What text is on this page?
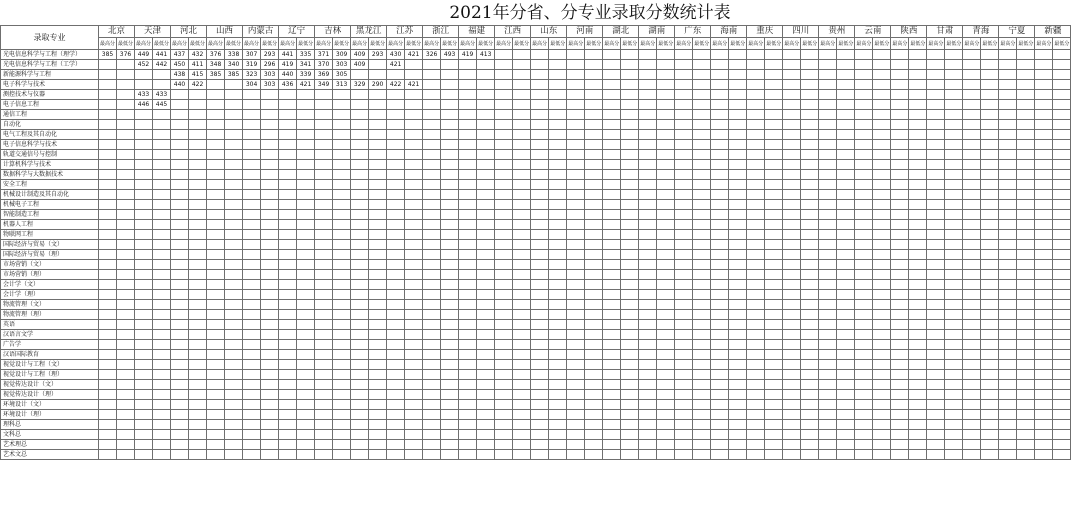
2021年分省、分专业录取分数统计表
录取专业	北京		天津		河北		山西		内蒙古		辽宁		吉林		黑龙江		江苏		浙江		福建		江西		山东		河南		湖北		湖南		广东		海南		重庆		四川		贵州		云南		陕西		甘肃		青海		宁夏		新疆	
	最高分	最低分	最高分	最低分	最高分	最低分	最高分	最低分	最高分	最低分	最高分	最低分	最高分	最低分	最高分	最低分	最高分	最低分	最高分	最低分	最高分	最低分	最高分	最低分	最高分	最低分	最高分	最低分	最高分	最低分	最高分	最低分	最高分	最低分	最高分	最低分	最高分	最低分	最高分	最低分	最高分	最低分	最高分	最低分	最高分	最低分	最高分	最低分	最高分	最低分	最高分	最低分	最高分	最低分
光电信息科学与工程（理学）	385	376	449	441	437	432	376	338	307	293	441	335	371	309	409	293	430	421	326	493	419	413																																
光电信息科学与工程（工学）			452	442	450	411	348	340	319	296	419	341	370	303	409		421																																					
新能源科学与工程					438	415	385	385	323	303	440	339	369	305																																								
电子科学与技术					440	422			304	303	436	421	349	313	329	290	422	421																																				
测控技术与仪器			433	433																																																		
电子信息工程			446	445																																																		
通信工程																																																						
自动化																																																						
电气工程及其自动化																																																						
电子信息科学与技术																																																						
轨道交通信号与控制																																																						
计算机科学与技术																																																						
数据科学与大数据技术																																																						
安全工程																																																						
机械设计制造及其自动化																																																						
机械电子工程																																																						
智能制造工程																																																						
机器人工程																																																						
物联网工程																																																						
国际经济与贸易（文）																																																						
国际经济与贸易（理）																																																						
市场营销（文）																																																						
市场营销（理）																																																						
会计学（文）																																																						
会计学（理）																																																						
物流管理（文）																																																						
物流管理（理）																																																						
英语																																																						
汉语言文学																																																						
广告学																																																						
汉语国际教育																																																						
视觉设计与工程（文）																																																						
视觉设计与工程（理）																																																						
视觉传达设计（文）																																																						
视觉传达设计（理）																																																						
环境设计（文）																																																						
环境设计（理）																																																						
理科总																																																						
文科总																																																						
艺术理总																																																						
艺术文总																																																						
